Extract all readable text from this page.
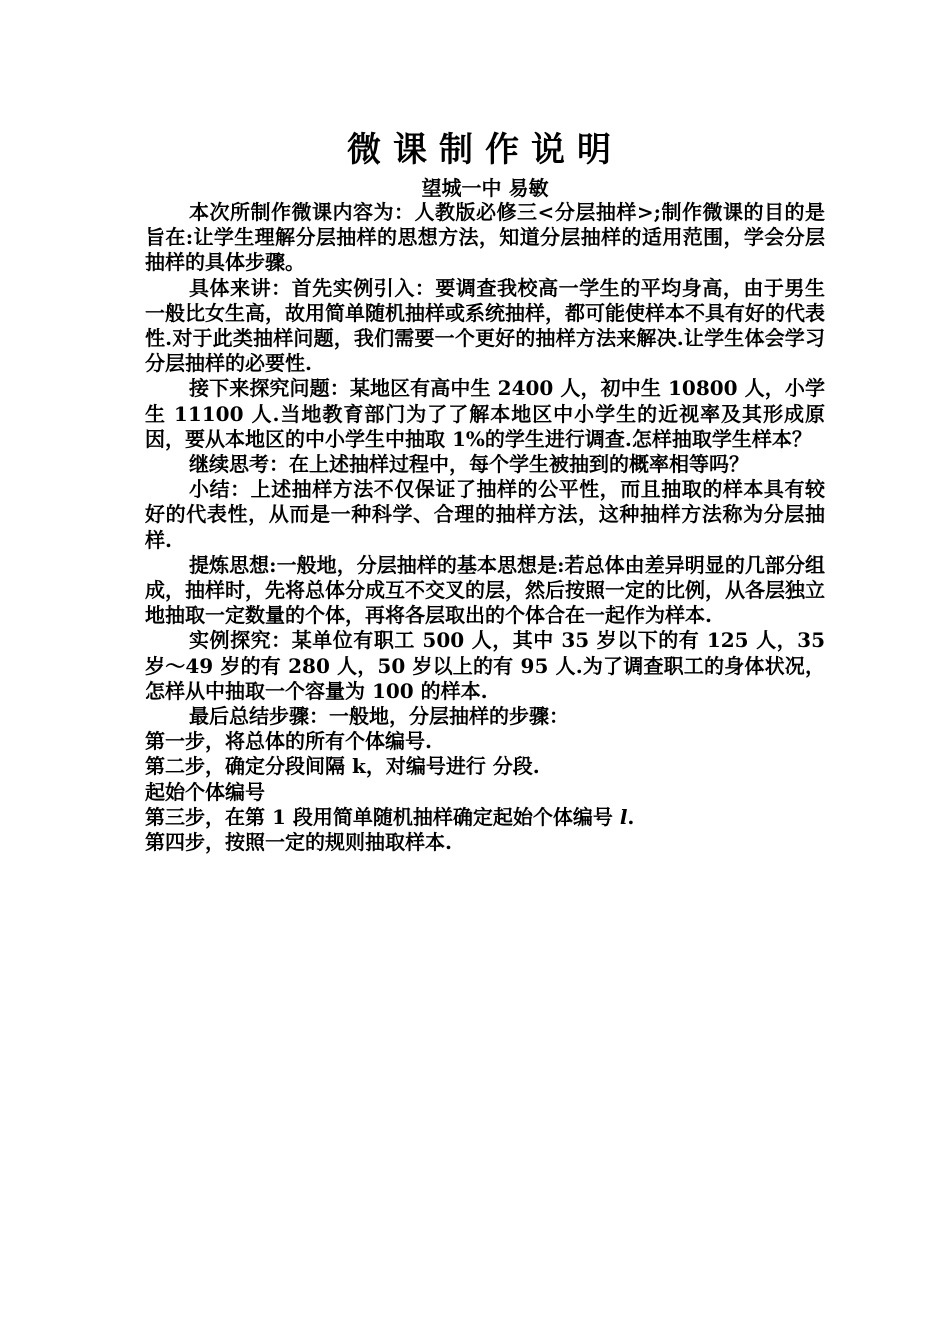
微课制作说明

望城一中 易敏

本次所制作微课内容为：人教版必修三<分层抽样>;制作微课的目的是旨在:让学生理解分层抽样的思想方法，知道分层抽样的适用范围，学会分层抽样的具体步骤。

具体来讲：首先实例引入：要调查我校高一学生的平均身高，由于男生一般比女生高，故用简单随机抽样或系统抽样，都可能使样本不具有好的代表性.对于此类抽样问题，我们需要一个更好的抽样方法来解决.让学生体会学习分层抽样的必要性.

接下来探究问题：某地区有高中生 2400 人，初中生 10800 人，小学生 11100 人.当地教育部门为了了解本地区中小学生的近视率及其形成原因，要从本地区的中小学生中抽取 1%的学生进行调查.怎样抽取学生样本？

继续思考：在上述抽样过程中，每个学生被抽到的概率相等吗？

小结：上述抽样方法不仅保证了抽样的公平性，而且抽取的样本具有较好的代表性，从而是一种科学、合理的抽样方法，这种抽样方法称为分层抽样.

提炼思想:一般地，分层抽样的基本思想是:若总体由差异明显的几部分组成，抽样时，先将总体分成互不交叉的层，然后按照一定的比例，从各层独立地抽取一定数量的个体，再将各层取出的个体合在一起作为样本.

实例探究：某单位有职工 500 人，其中 35 岁以下的有 125 人，35 岁～49 岁的有 280 人，50 岁以上的有 95 人.为了调查职工的身体状况，怎样从中抽取一个容量为 100 的样本.

最后总结步骤：一般地，分层抽样的步骤：

第一步，将总体的所有个体编号.

第二步，确定分段间隔 k，对编号进行 分段.

起始个体编号

第三步，在第 1 段用简单随机抽样确定起始个体编号 l.

第四步，按照一定的规则抽取样本.
